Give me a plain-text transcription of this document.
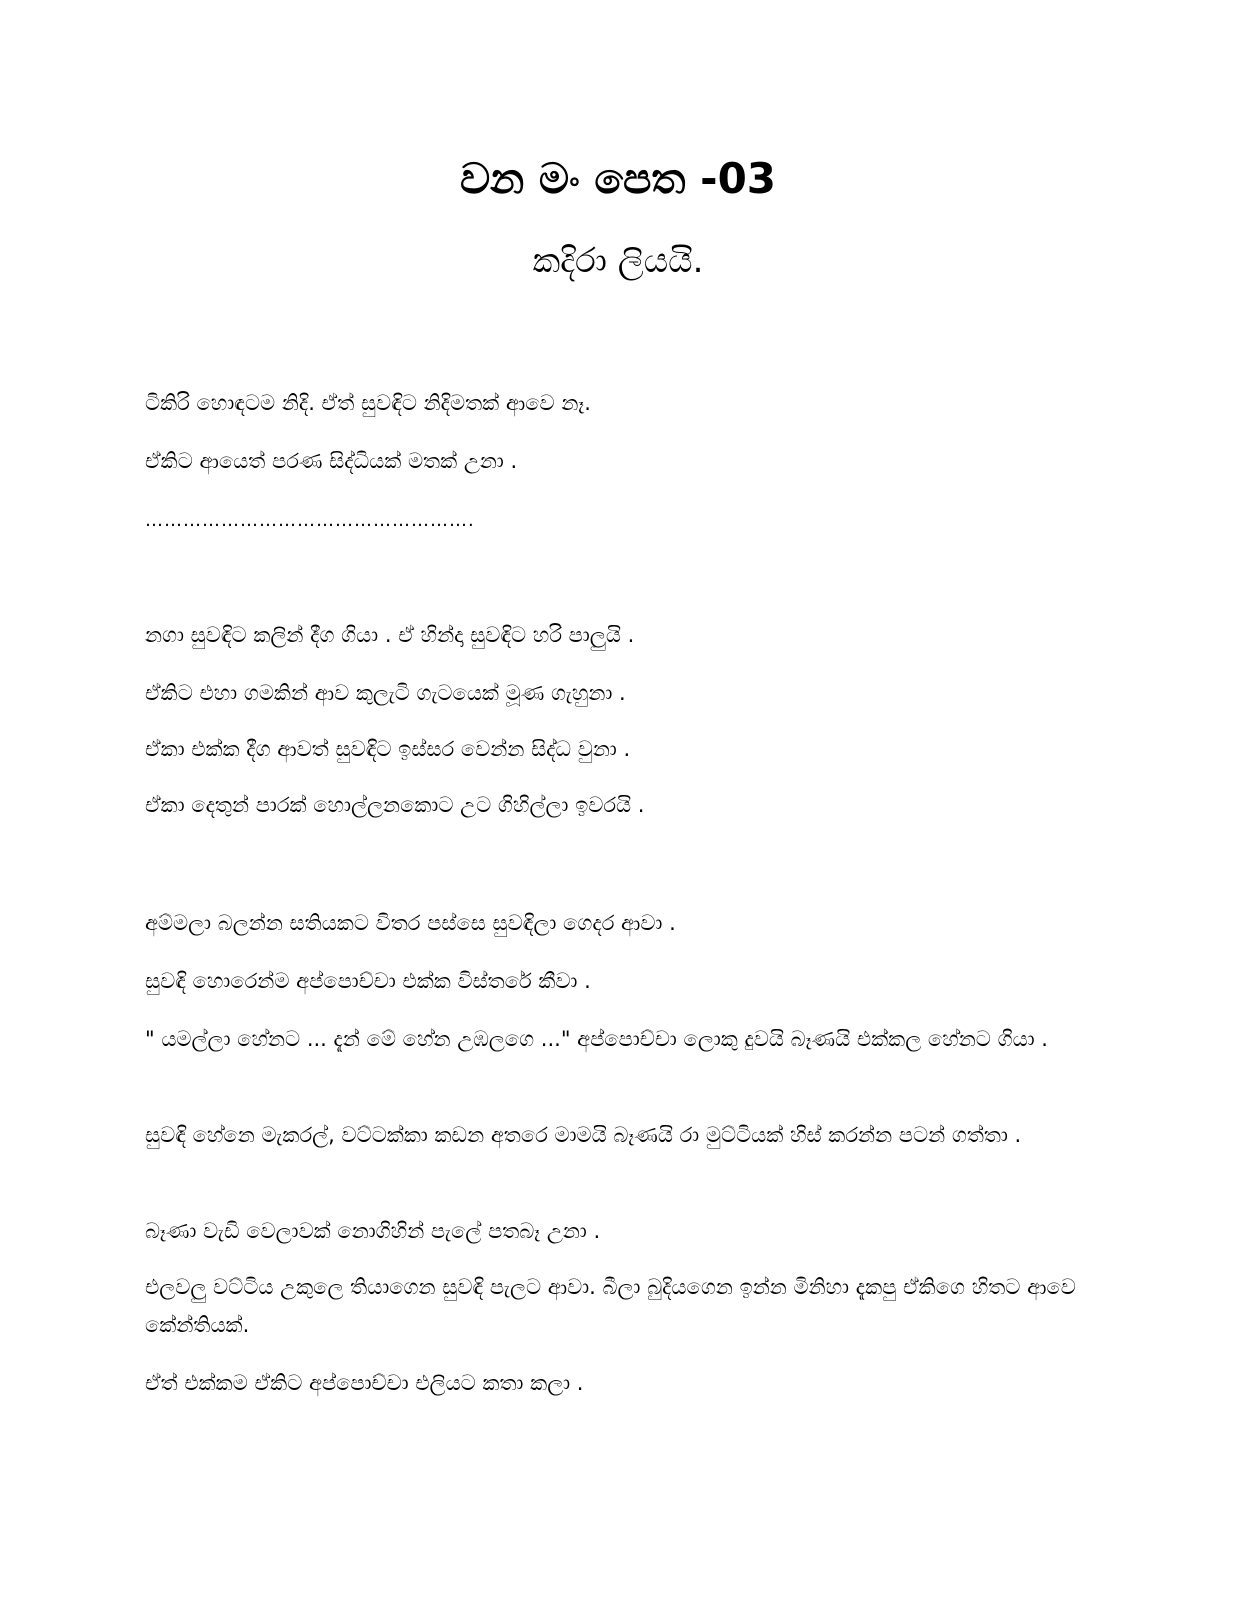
වන මං පෙත -03
කදිරා ලියයි.

ටිකිරි හොඳටම නිදි. ඒත් සුවඳිට නිදිමතක් ආවෙ නෑ.

ඒකිට ආයෙත් පරණ සිද්ධියක් මතක් උනා .

…………………………………………….

නගා සුවඳිට කලින් දීග ගියා . ඒ හින්දා සුවඳිට හරි පාලුයි .

ඒකිට එහා ගමකින් ආව කුලැටි ගැටයෙක් මූණ ගැහුනා .

ඒකා එක්ක දීග ආවත් සුවඳිට ඉස්සර වෙන්න සිද්ධ වුනා .

ඒකා දෙතුන් පාරක් හොල්ලනකොට උට ගිහිල්ලා ඉවරයි .

අම්මලා බලන්න සතියකට විතර පස්සෙ සුවඳිලා ගෙදර ආවා .

සුවඳි හොරෙන්ම අප්පොච්චා එක්ක විස්තරේ කීවා .

" යමල්ලා හේනට ... දැන් මේ හේන උඹලගෙ ..." අප්පොච්චා ලොකු දුවයි බෑණයි එක්කල හේනට ගියා .

සුවඳි හේනෙ මැකරල්, වට්ටක්කා කඩන අතරෙ මාමයි බෑණයි රා මුට්ටියක් හිස් කරන්න පටන් ගත්තා .

බෑණා වැඩි වෙලාවක් නොගිහින් පැලේ පතබෑ උනා .

එලවලු වට්ටිය උකුලෙ තියාගෙන සුවඳි පැලට ආවා. බීලා බුදියගෙන ඉන්න මිනිහා දැකපු ඒකිගෙ හිතට ආවෙ කේන්තියක්.

ඒත් එක්කම ඒකිට අප්පොච්චා එලියට කතා කලා .
